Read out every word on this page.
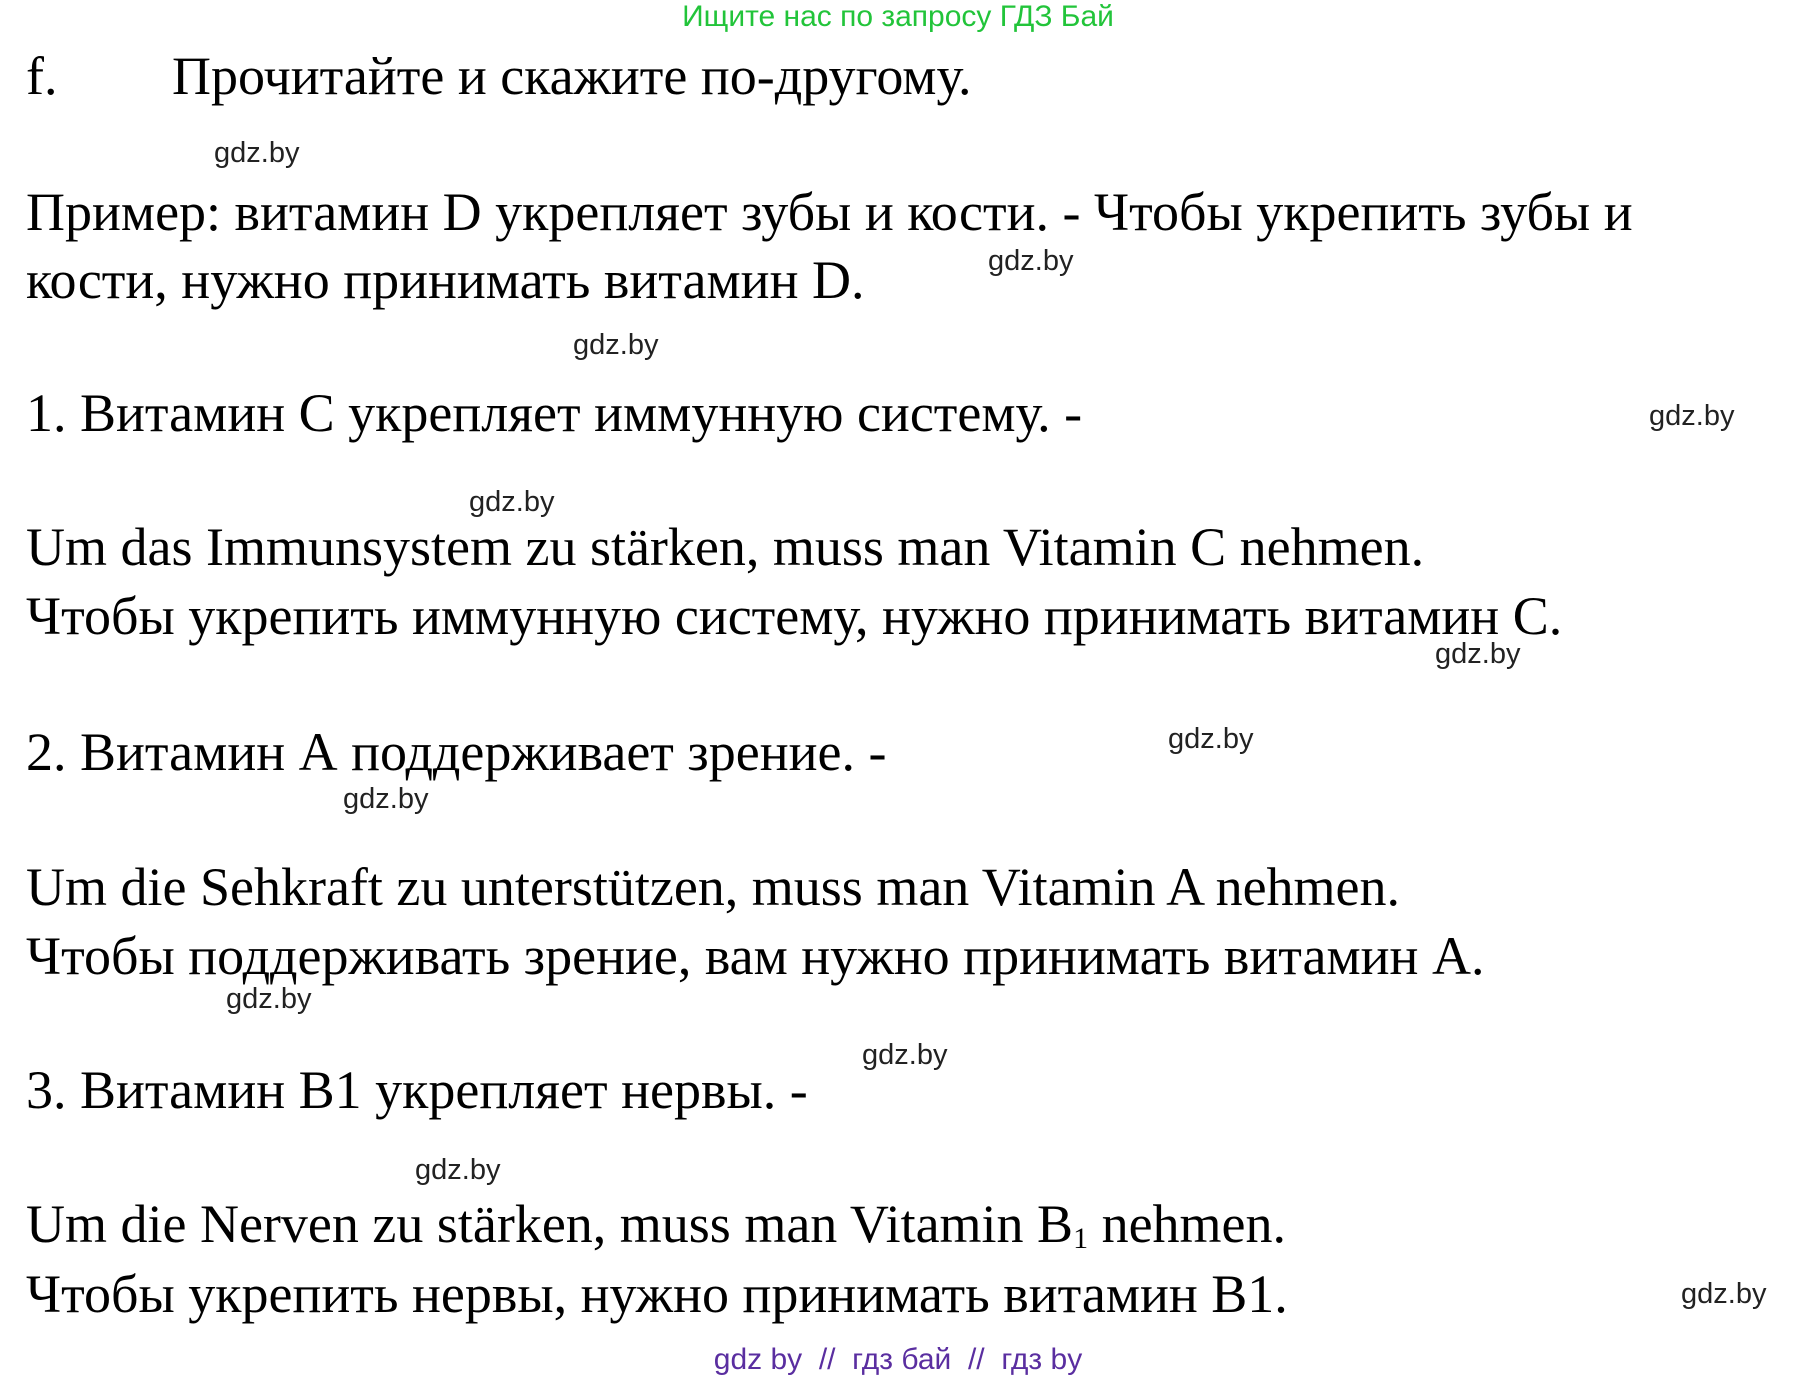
Ищите нас по запросу ГДЗ Бай
f. Прочитайте и скажите по-другому.
Пример: витамин D укрепляет зубы и кости. - Чтобы укрепить зубы и
кости, нужно принимать витамин D.
1. Витамин С укрепляет иммунную систему. -
Um das Immunsystem zu stärken, muss man Vitamin C nehmen.
Чтобы укрепить иммунную систему, нужно принимать витамин С.
2. Витамин А поддерживает зрение. -
Um die Sehkraft zu unterstützen, muss man Vitamin A nehmen.
Чтобы поддерживать зрение, вам нужно принимать витамин А.
3. Витамин В1 укрепляет нервы. -
Um die Nerven zu stärken, muss man Vitamin $B_1$ nehmen.
Чтобы укрепить нервы, нужно принимать витамин В1.
gdz.by
gdz.by
gdz.by
gdz.by
gdz.by
gdz.by
gdz.by
gdz.by
gdz.by
gdz.by
gdz.by
gdz.by
gdz by  //  гдз бай  //  гдз by
